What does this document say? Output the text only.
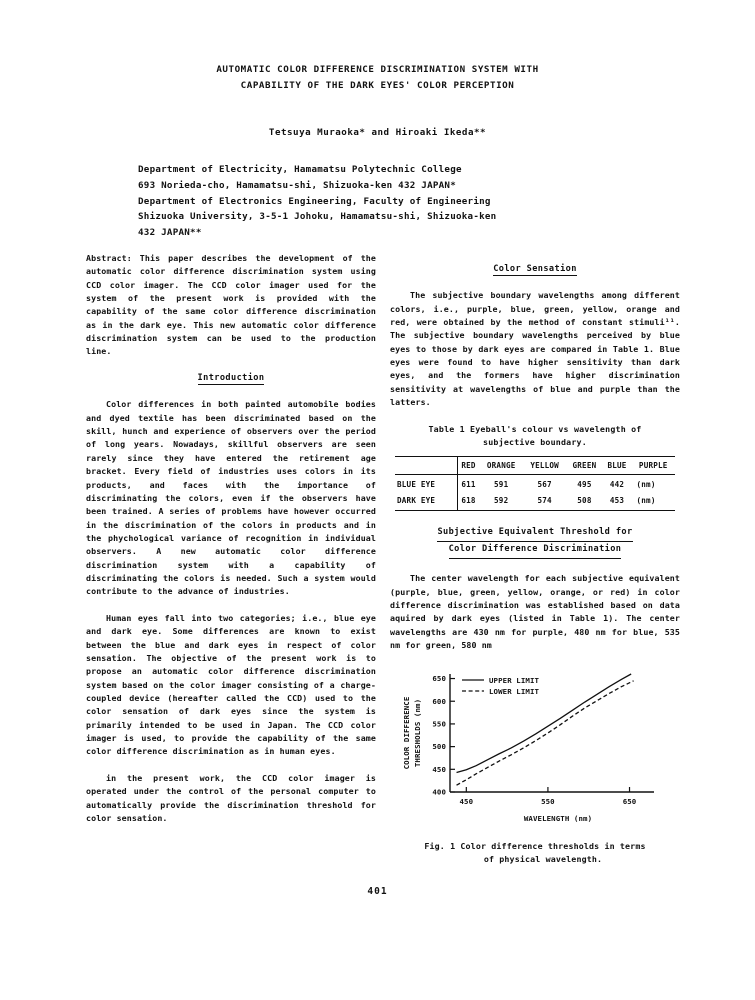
AUTOMATIC COLOR DIFFERENCE DISCRIMINATION SYSTEM WITH
CAPABILITY OF THE DARK EYES' COLOR PERCEPTION
Tetsuya Muraoka* and Hiroaki Ikeda**
Department of Electricity, Hamamatsu Polytechnic College
693 Norieda-cho, Hamamatsu-shi, Shizuoka-ken 432 JAPAN*
Department of Electronics Engineering, Faculty of Engineering
Shizuoka University, 3-5-1 Johoku, Hamamatsu-shi, Shizuoka-ken
432 JAPAN**

Abstract: This paper describes the development of the automatic color difference discrimination system using CCD color imager. The CCD color imager used for the system of the present work is provided with the capability of the same color difference discrimination as in the dark eye. This new automatic color difference discrimination system can be used to the production line.

Introduction

Color differences in both painted automobile bodies and dyed textile has been discriminated based on the skill, hunch and experience of observers over the period of long years. Nowadays, skillful observers are seen rarely since they have entered the retirement age bracket. Every field of industries uses colors in its products, and faces with the importance of discriminating the colors, even if the observers have been trained. A series of problems have however occurred in the discrimination of the colors in products and in the phychological variance of recognition in individual observers. A new automatic color difference discrimination system with a capability of discriminating the colors is needed. Such a system would contribute to the advance of industries.

Human eyes fall into two categories; i.e., blue eye and dark eye. Some differences are known to exist between the blue and dark eyes in respect of color sensation. The objective of the present work is to propose an automatic color difference discrimination system based on the color imager consisting of a charge-coupled device (hereafter called the CCD) used to the color sensation of dark eyes since the system is primarily intended to be used in Japan. The CCD color imager is used, to provide the capability of the same color difference discrimination as in human eyes.

in the present work, the CCD color imager is operated under the control of the personal computer to automatically provide the discrimination threshold for color sensation.

Color Sensation

The subjective boundary wavelengths among different colors, i.e., purple, blue, green, yellow, orange and red, were obtained by the method of constant stimuli¹¹. The subjective boundary wavelengths perceived by blue eyes to those by dark eyes are compared in Table 1. Blue eyes were found to have higher sensitivity than dark eyes, and the formers have higher discrimination sensitivity at wavelengths of blue and purple than the latters.

Table 1 Eyeball's colour vs wavelength of
subjective boundary.
	RED	ORANGE	YELLOW	GREEN	BLUE	PURPLE
BLUE EYE	611	591	567	495	442	(nm)
DARK EYE	618	592	574	508	453	(nm)
Subjective Equivalent Threshold for
Color Difference Discrimination

The center wavelength for each subjective equivalent (purple, blue, green, yellow, orange, or red) in color difference discrimination was established based on data aquired by dark eyes (listed in Table 1). The center wavelengths are 430 nm for purple, 480 nm for blue, 535 nm for green, 580 nm

400
450
500
550
600
650
450	550	650
UPPER LIMIT
LOWER LIMIT
WAVELENGTH (nm)
COLOR DIFFERENCE THRESHOLDS (nm)
Fig. 1 Color difference thresholds in terms
of physical wavelength.
401
